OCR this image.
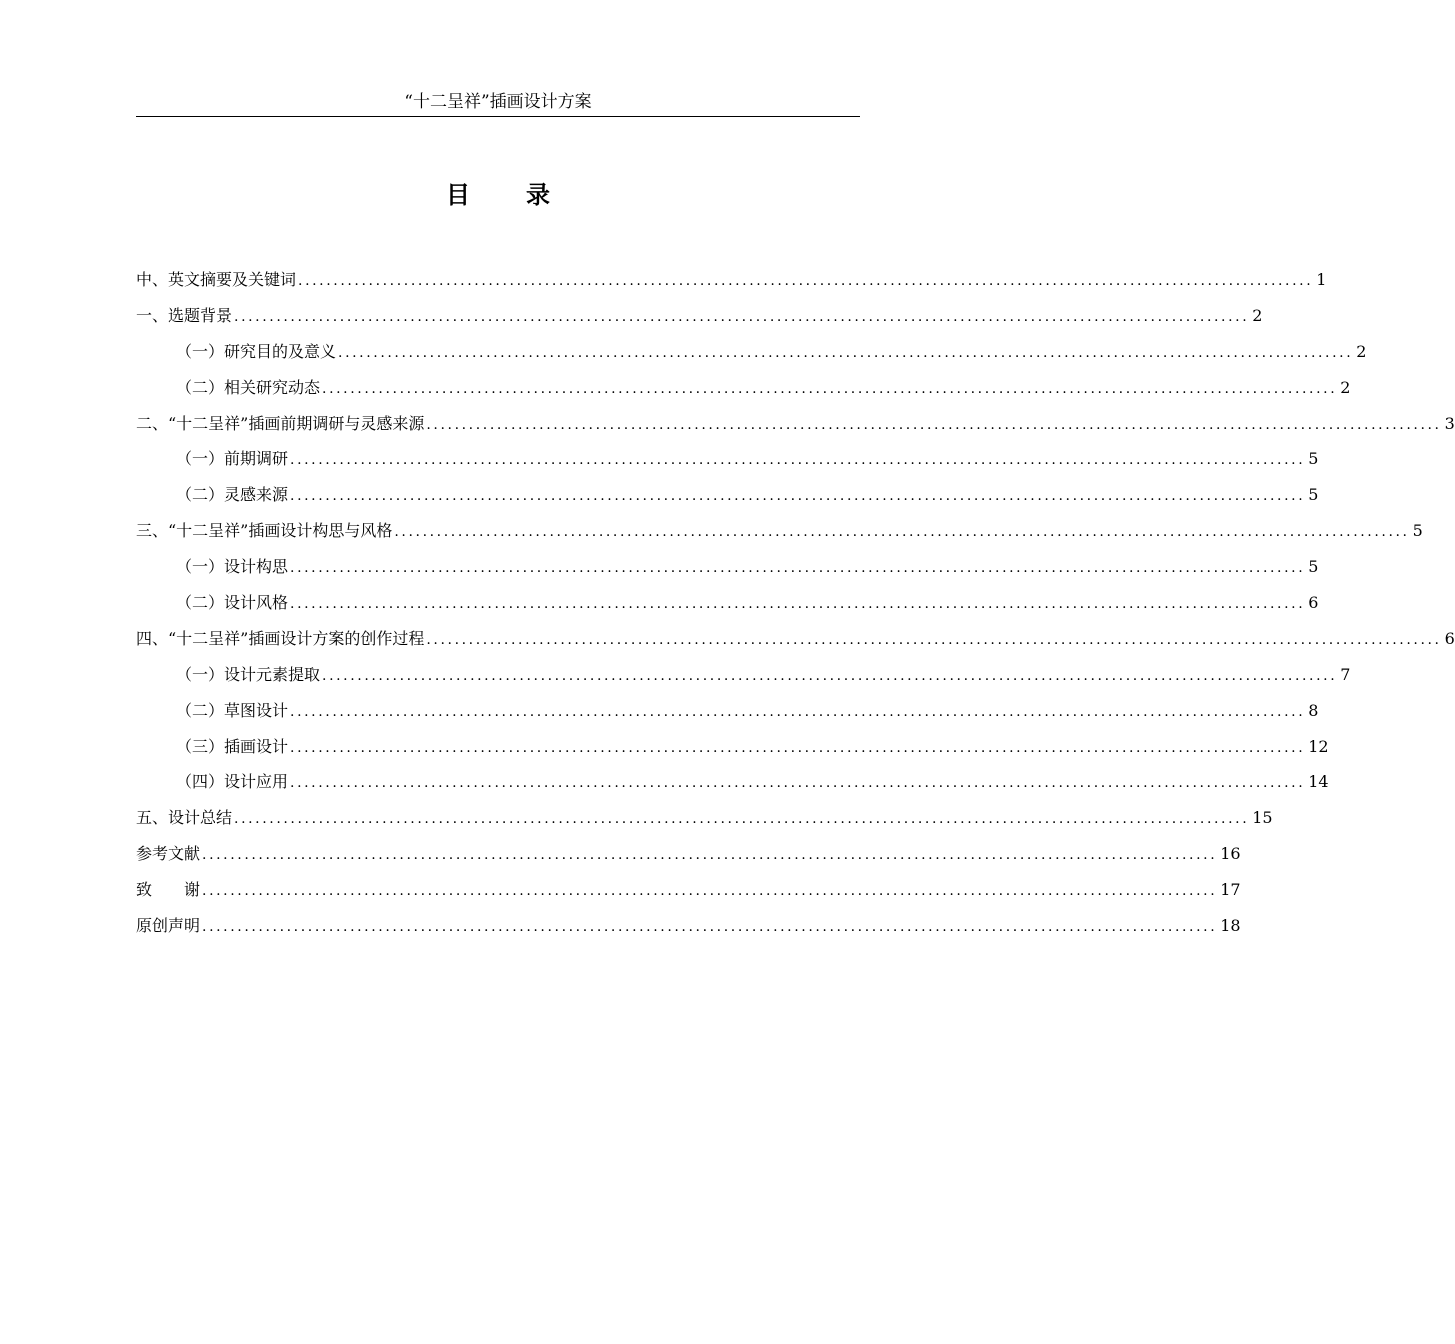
“十二呈祥”插画设计方案
目 录
中、英文摘要及关键词 ................................................................................................................................................ 1
一、选题背景 ................................................................................................................................................ 2
（一）研究目的及意义 ................................................................................................................................................ 2
（二）相关研究动态 ................................................................................................................................................ 2
二、“十二呈祥”插画前期调研与灵感来源 ................................................................................................................................................ 3
（一）前期调研 ................................................................................................................................................ 5
（二）灵感来源 ................................................................................................................................................ 5
三、“十二呈祥”插画设计构思与风格 ................................................................................................................................................ 5
（一）设计构思 ................................................................................................................................................ 5
（二）设计风格 ................................................................................................................................................ 6
四、“十二呈祥”插画设计方案的创作过程 ................................................................................................................................................ 6
（一）设计元素提取 ................................................................................................................................................ 7
（二）草图设计 ................................................................................................................................................ 8
（三）插画设计 ................................................................................................................................................ 12
（四）设计应用 ................................................................................................................................................ 14
五、设计总结 ................................................................................................................................................ 15
参考文献 ................................................................................................................................................ 16
致　　谢 ................................................................................................................................................ 17
原创声明 ................................................................................................................................................ 18
